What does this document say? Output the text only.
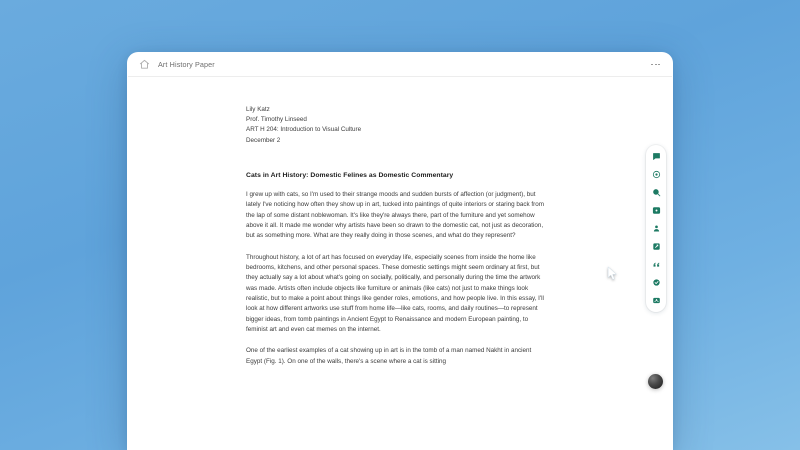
Art History Paper
Lily Katz
Prof. Timothy Linseed
ART H 204: Introduction to Visual Culture
December 2
Cats in Art History: Domestic Felines as Domestic Commentary

I grew up with cats, so I'm used to their strange moods and sudden bursts of affection (or judgment), but lately I've noticing how often they show up in art, tucked into paintings of quite interiors or staring back from the lap of some distant noblewoman. It's like they're always there, part of the furniture and yet somehow above it all. It made me wonder why artists have been so drawn to the domestic cat, not just as decoration, but as something more. What are they really doing in those scenes, and what do they represent?

Throughout history, a lot of art has focused on everyday life, especially scenes from inside the home like bedrooms, kitchens, and other personal spaces. These domestic settings might seem ordinary at first, but they actually say a lot about what's going on socially, politically, and personally during the time the artwork was made. Artists often include objects like furniture or animals (like cats) not just to make things look realistic, but to make a point about things like gender roles, emotions, and how people live. In this essay, I'll look at how different artworks use stuff from home life—like cats, rooms, and daily routines—to represent bigger ideas, from tomb paintings in Ancient Egypt to Renaissance and modern European painting, to feminist art and even cat memes on the internet.

One of the earliest examples of a cat showing up in art is in the tomb of a man named Nakht in ancient Egypt (Fig. 1). On one of the walls, there's a scene where a cat is sitting
